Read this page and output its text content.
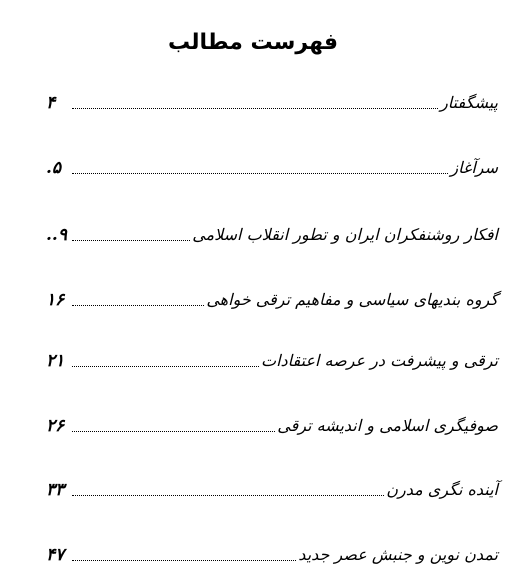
فهرست مطالب
پیشگفتار
۴
سرآغاز
۵.
افکار روشنفکران ایران و تطور انقلاب اسلامی
۹..
گروه بندیهای سیاسی و مفاهیم ترقی خواهی
۱۶
ترقی و پیشرفت در عرصه اعتقادات
۲۱
صوفیگری اسلامی و اندیشه ترقی
۲۶
آینده نگری مدرن
۳۳
تمدن نوین و جنبش عصر جدید
۴۷
